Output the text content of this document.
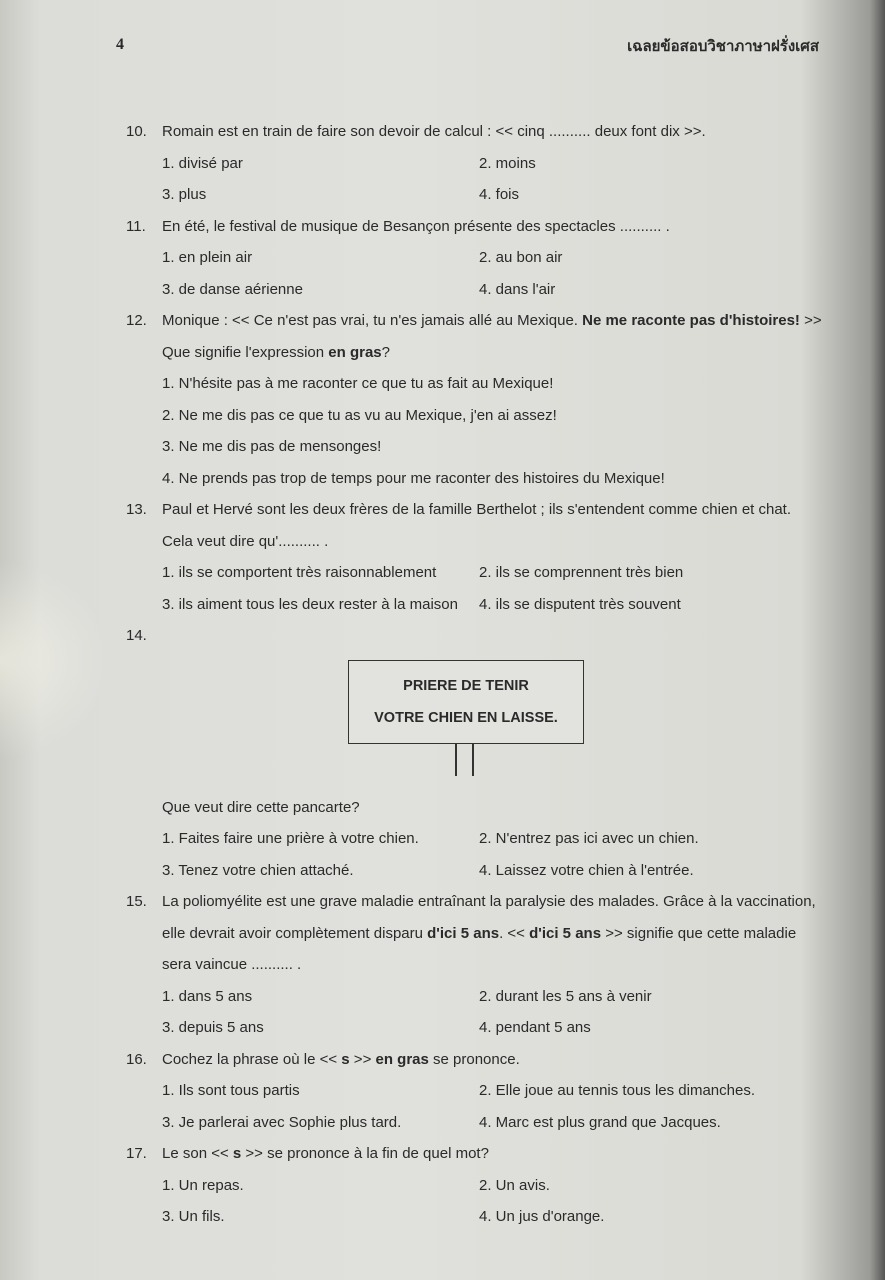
4	เฉลยข้อสอบวิชาภาษาฝรั่งเศส
10.	Romain est en train de faire son devoir de calcul : << cinq .......... deux font dix >>.
1. divisé par	2. moins
3. plus	4. fois
11.	En été, le festival de musique de Besançon présente des spectacles .......... .
1. en plein air	2. au bon air
3. de danse aérienne	4. dans l'air
12.	Monique : << Ce n'est pas vrai, tu n'es jamais allé au Mexique. Ne me raconte pas d'histoires! >>
Que signifie l'expression en gras?
1. N'hésite pas à me raconter ce que tu as fait au Mexique!
2. Ne me dis pas ce que tu as vu au Mexique, j'en ai assez!
3. Ne me dis pas de mensonges!
4. Ne prends pas trop de temps pour me raconter des histoires du Mexique!
13.	Paul et Hervé sont les deux frères de la famille Berthelot ; ils s'entendent comme chien et chat.
Cela veut dire qu'.......... .
1. ils se comportent très raisonnablement	2. ils se comprennent très bien
3. ils aiment tous les deux rester à la maison	4. ils se disputent très souvent
14.
PRIERE DE TENIR
VOTRE CHIEN EN LAISSE.
Que veut dire cette pancarte?
1. Faites faire une prière à votre chien.	2. N'entrez pas ici avec un chien.
3. Tenez votre chien attaché.	4. Laissez votre chien à l'entrée.
15.	La poliomyélite est une grave maladie entraînant la paralysie des malades. Grâce à la vaccination,
elle devrait avoir complètement disparu d'ici 5 ans. << d'ici 5 ans >> signifie que cette maladie
sera vaincue .......... .
1. dans 5 ans	2. durant les 5 ans à venir
3. depuis 5 ans	4. pendant 5 ans
16.	Cochez la phrase où le << s >> en gras se prononce.
1. Ils sont tous partis	2. Elle joue au tennis tous les dimanches.
3. Je parlerai avec Sophie plus tard.	4. Marc est plus grand que Jacques.
17.	Le son << s >> se prononce à la fin de quel mot?
1. Un repas.	2. Un avis.
3. Un fils.	4. Un jus d'orange.
